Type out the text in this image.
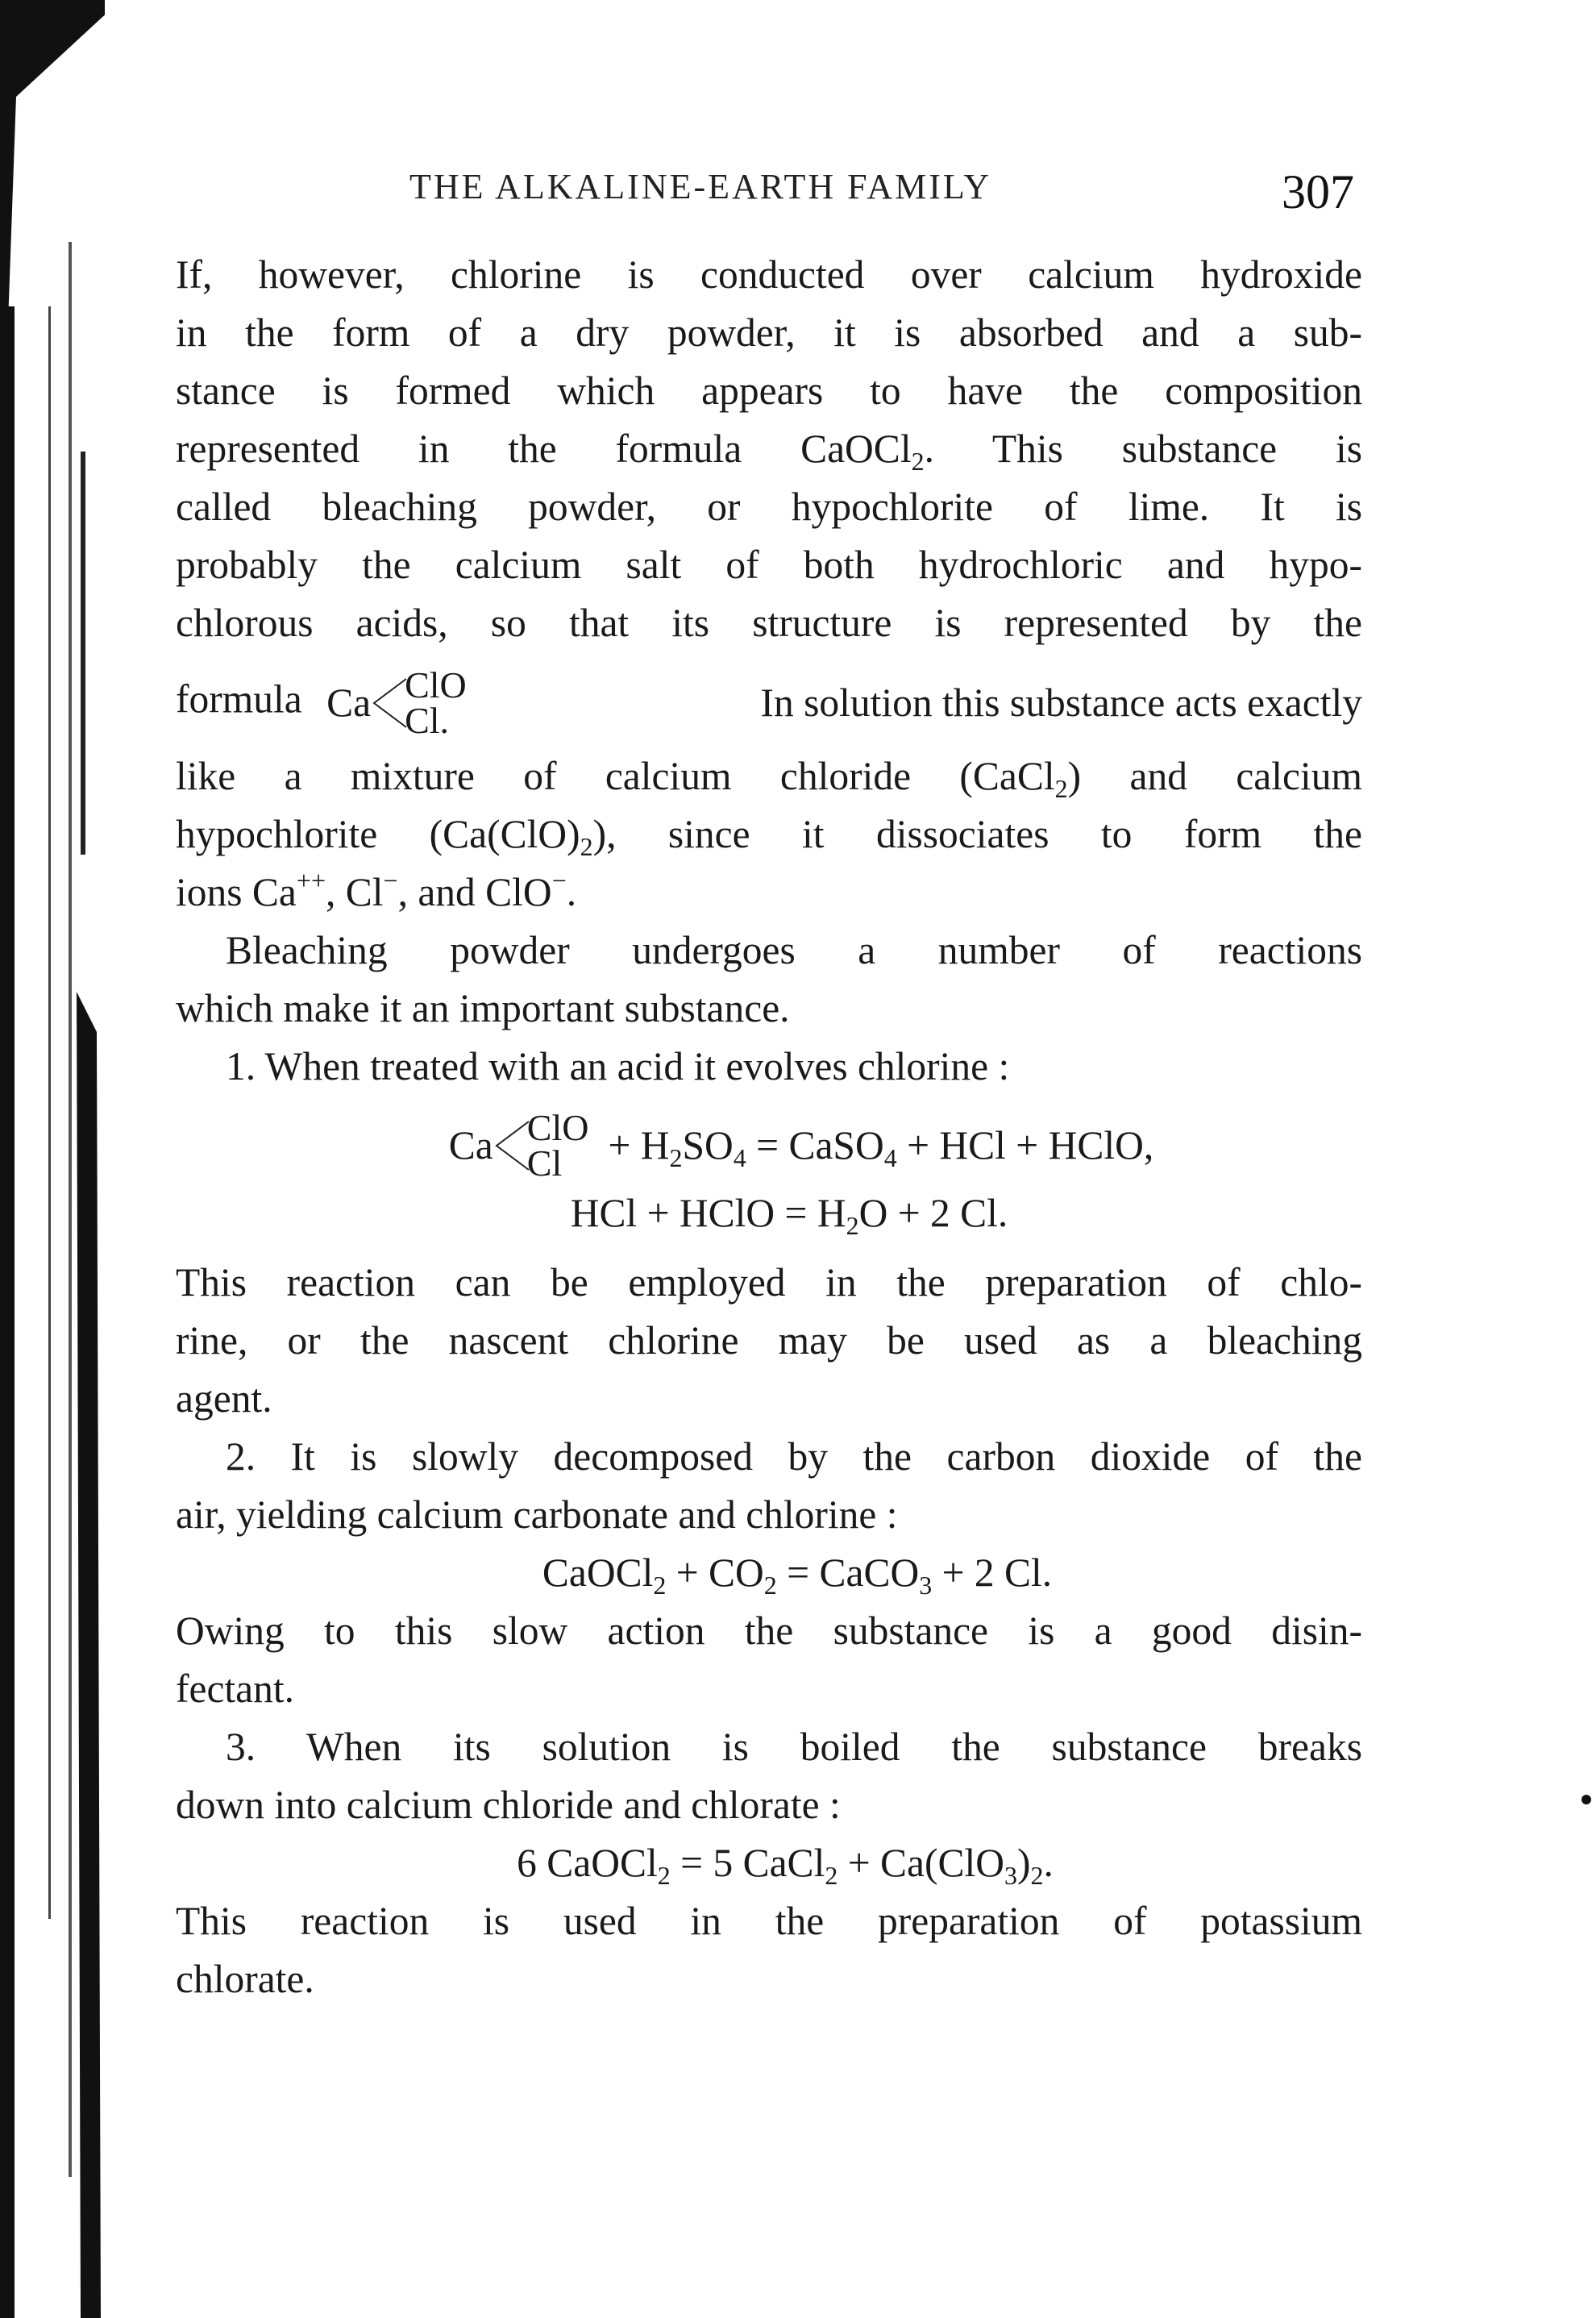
THE ALKALINE-EARTH FAMILY	307
If, however, chlorine is conducted over calcium hydroxide
in the form of a dry powder, it is absorbed and a sub-
stance is formed which appears to have the composition
represented in the formula CaOCl$_2$. This substance is
called bleaching powder, or hypochlorite of lime. It is
probably the calcium salt of both hydrochloric and hypo-
chlorous acids, so that its structure is represented by the
formula Ca ClO
Cl.	In solution this substance acts exactly
like a mixture of calcium chloride (CaCl$_2$) and calcium
hypochlorite $(Ca(ClO)_2)$, since it dissociates to form the
ions Ca++, Cl−, and ClO−.
Bleaching powder undergoes a number of reactions
which make it an important substance.
1. When treated with an acid it evolves chlorine :
Ca ClO
Cl	+ $H_2SO_4$ = CaSO$_4$ + HCl + HClO,
HCl + HClO = $H_2O + 2$ Cl.
This reaction can be employed in the preparation of chlo-
rine, or the nascent chlorine may be used as a bleaching
agent.
2. It is slowly decomposed by the carbon dioxide of the
air, yielding calcium carbonate and chlorine :

CaOCl$_2$ + $CO_2$ = CaCO$_3$ + 2 Cl.

Owing to this slow action the substance is a good disin-
fectant.
3. When its solution is boiled the substance breaks
down into calcium chloride and chlorate :

6 CaOCl$_2$ = 5 CaCl$_2$ + $Ca(ClO_3)_2$.

This reaction is used in the preparation of potassium
chlorate.
